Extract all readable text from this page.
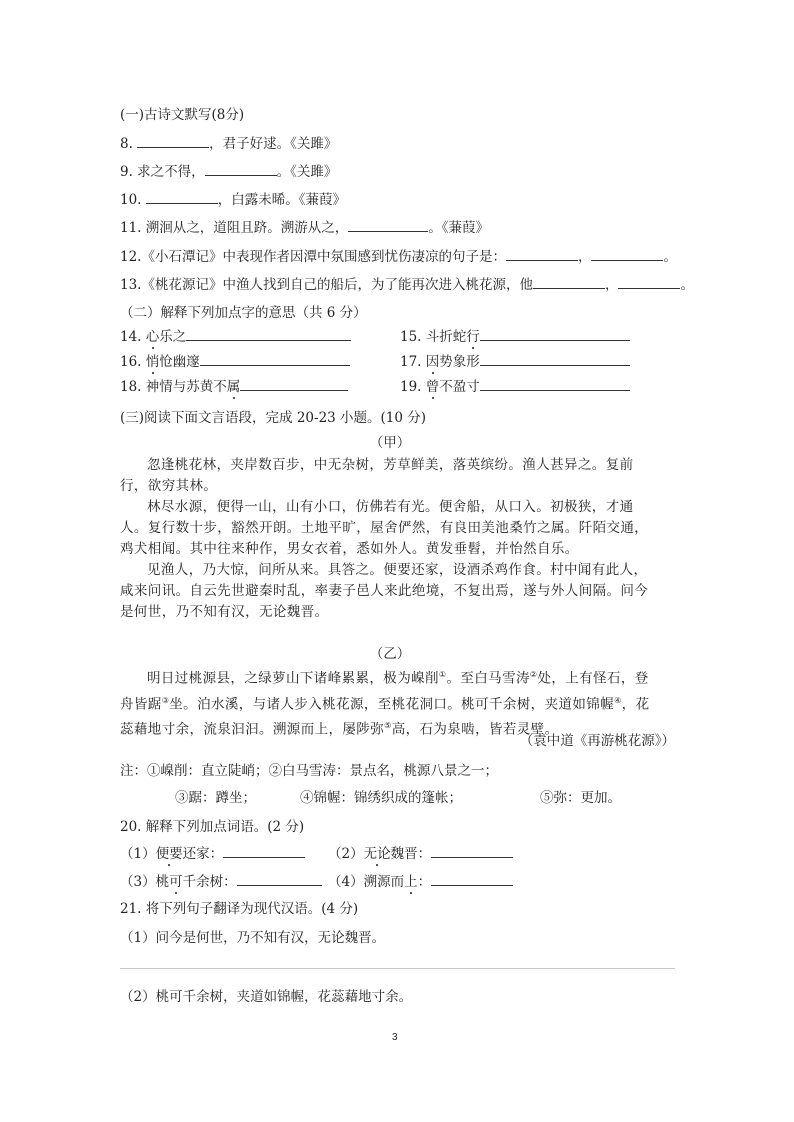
(一)古诗文默写(8分)
8.	，君子好逑。《关雎》
9. 求之不得，	。《关雎》
10.	，白露未晞。《蒹葭》
11. 溯洄从之，道阻且跻。溯游从之，	。《蒹葭》
12.《小石潭记》中表现作者因潭中氛围感到忧伤凄凉的句子是：	，	。
13.《桃花源记》中渔人找到自己的船后，为了能再次进入桃花源，他	，	。
（二）解释下列加点字的意思（共 6 分）
14. 心乐之	15. 斗折蛇行
16. 悄怆幽邃	17. 因势象形
18. 神情与苏黄不属	19. 曾不盈寸
(三)阅读下面文言语段，完成 20-23 小题。(10 分)
（甲）

忽逢桃花林，夹岸数百步，中无杂树，芳草鲜美，落英缤纷。渔人甚异之。复前行，欲穷其林。

林尽水源，便得一山，山有小口，仿佛若有光。便舍船，从口入。初极狭，才通人。复行数十步，豁然开朗。土地平旷，屋舍俨然，有良田美池桑竹之属。阡陌交通，鸡犬相闻。其中往来种作，男女衣着，悉如外人。黄发垂髫，并怡然自乐。

见渔人，乃大惊，问所从来。具答之。便要还家，设酒杀鸡作食。村中闻有此人，咸来问讯。自云先世避秦时乱，率妻子邑人来此绝境，不复出焉，遂与外人间隔。问今是何世，乃不知有汉，无论魏晋。

（乙）

明日过桃源县，之绿萝山下诸峰累累，极为嵲削①。至白马雪涛②处，上有怪石，登舟皆踞③坐。泊水溪，与诸人步入桃花源，至桃花洞口。桃可千余树，夹道如锦幄④，花蕊藉地寸余，流泉汩汩。溯源而上，屡陟弥⑤高，石为泉啮，皆若灵壁。

（袁中道《再游桃花源》）
注：①嵲削：直立陡峭；②白马雪涛：景点名，桃源八景之一；
③踞：蹲坐；	④锦幄：锦绣织成的篷帐；	⑤弥：更加。
20. 解释下列加点词语。(2 分)
（1）便要还家：	（2）无论魏晋：
（3）桃可千余树：	（4）溯源而上：
21. 将下列句子翻译为现代汉语。(4 分)
（1）问今是何世，乃不知有汉，无论魏晋。
（2）桃可千余树，夹道如锦幄，花蕊藉地寸余。
3
